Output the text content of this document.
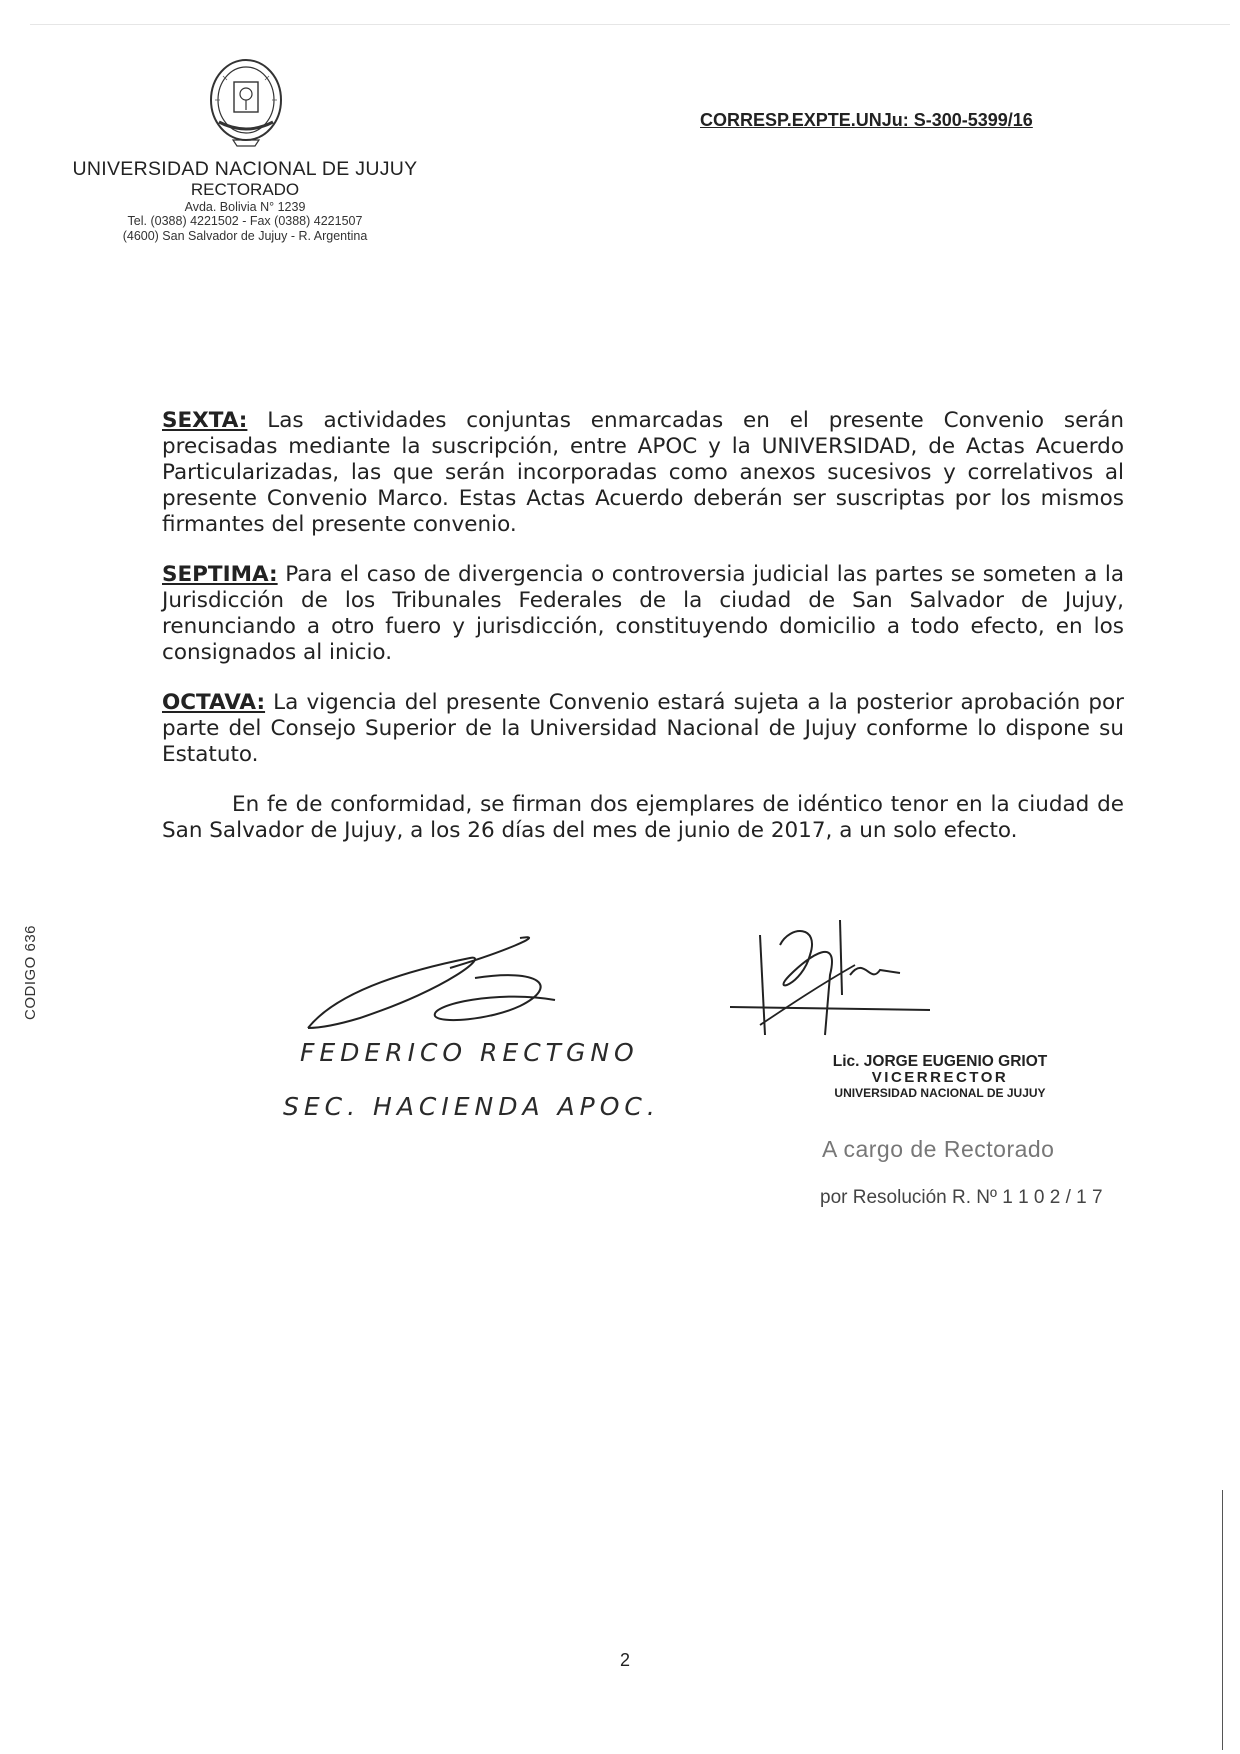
UNIVERSIDAD NACIONAL DE JUJUY
RECTORADO
Avda. Bolivia N° 1239
Tel. (0388) 4221502 - Fax (0388) 4221507
(4600) San Salvador de Jujuy - R. Argentina
CORRESP.EXPTE.UNJu: S-300-5399/16

SEXTA: Las actividades conjuntas enmarcadas en el presente Convenio serán precisadas mediante la suscripción, entre APOC y la UNIVERSIDAD, de Actas Acuerdo Particularizadas, las que serán incorporadas como anexos sucesivos y correlativos al presente Convenio Marco. Estas Actas Acuerdo deberán ser suscriptas por los mismos firmantes del presente convenio.

SEPTIMA: Para el caso de divergencia o controversia judicial las partes se someten a la Jurisdicción de los Tribunales Federales de la ciudad de San Salvador de Jujuy, renunciando a otro fuero y jurisdicción, constituyendo domicilio a todo efecto, en los consignados al inicio.

OCTAVA: La vigencia del presente Convenio estará sujeta a la posterior aprobación por parte del Consejo Superior de la Universidad Nacional de Jujuy conforme lo dispone su Estatuto.

En fe de conformidad, se firman dos ejemplares de idéntico tenor en la ciudad de San Salvador de Jujuy, a los 26 días del mes de junio de 2017, a un solo efecto.

CODIGO 636
FEDERICO RECTGNO
SEC. HACIENDA APOC.
Lic. JORGE EUGENIO GRIOT
VICERRECTOR
UNIVERSIDAD NACIONAL DE JUJUY
A cargo de Rectorado
por Resolución R. Nº 1 1 0 2 / 1 7
2
